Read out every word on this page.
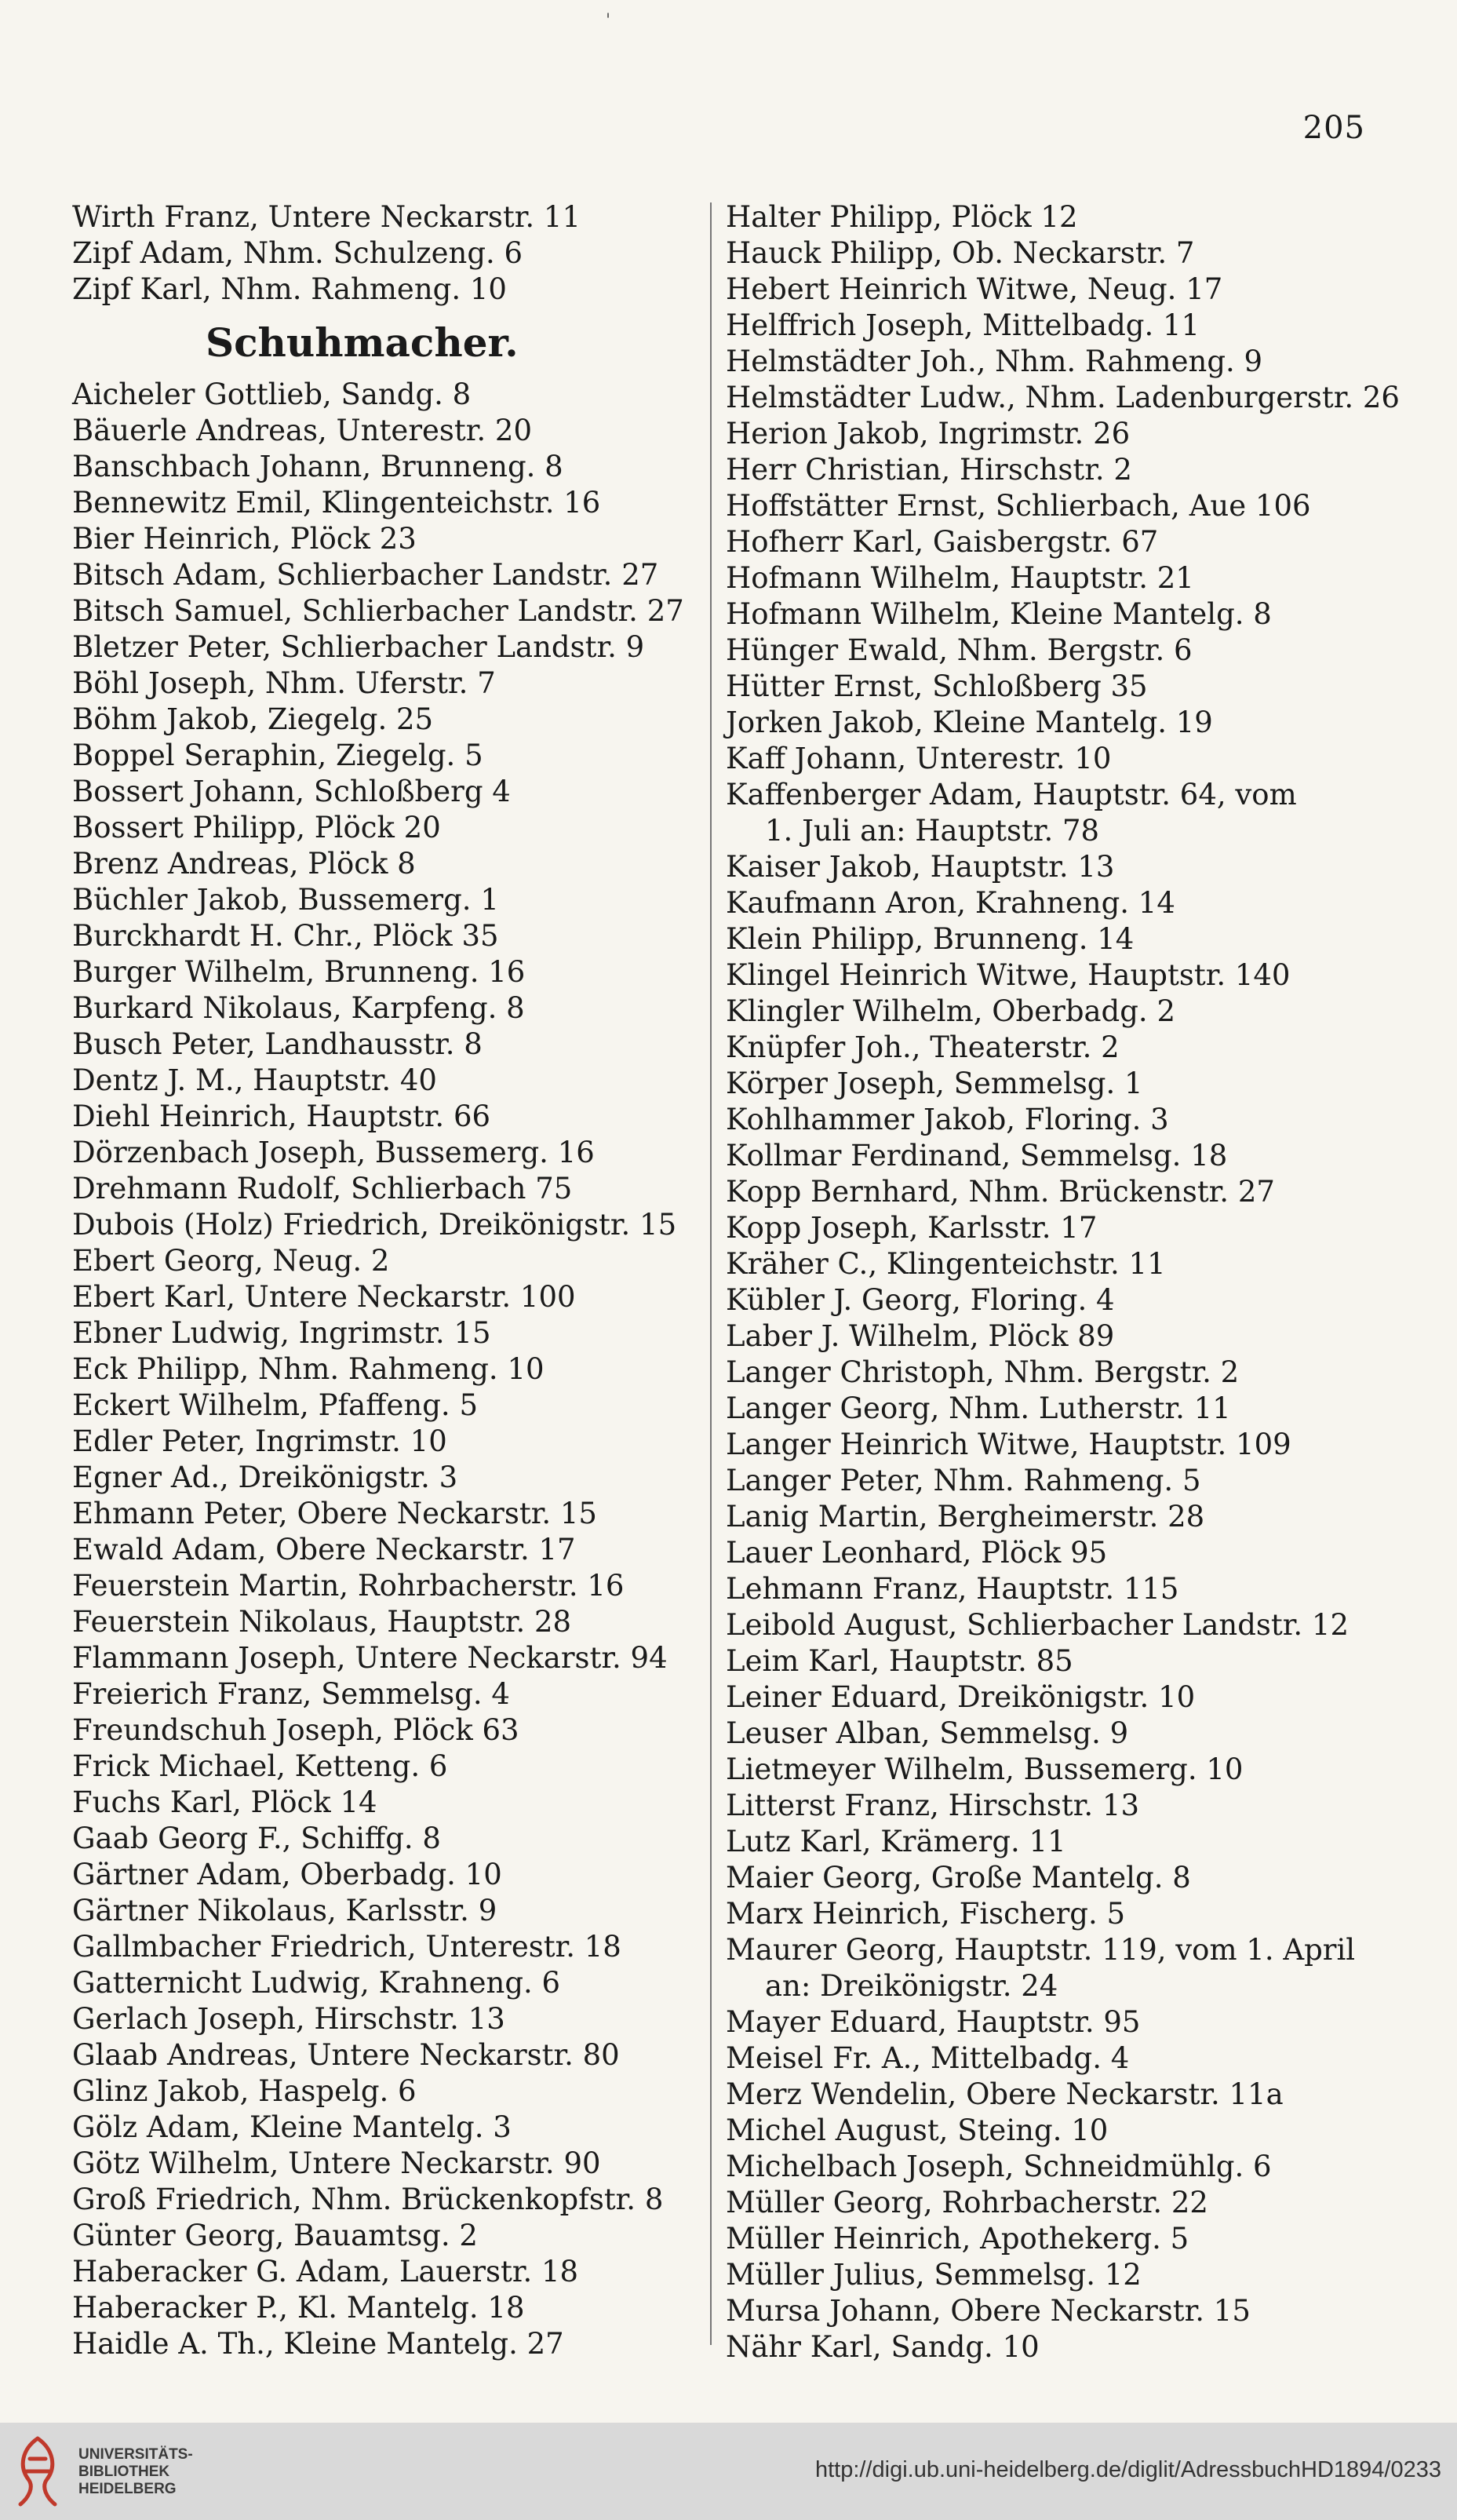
'
205
Wirth Franz, Untere Neckarstr. 11
Zipf Adam, Nhm. Schulzeng. 6
Zipf Karl, Nhm. Rahmeng. 10
Schuhmacher.
Aicheler Gottlieb, Sandg. 8
Bäuerle Andreas, Unterestr. 20
Banschbach Johann, Brunneng. 8
Bennewitz Emil, Klingenteichstr. 16
Bier Heinrich, Plöck 23
Bitsch Adam, Schlierbacher Landstr. 27
Bitsch Samuel, Schlierbacher Landstr. 27
Bletzer Peter, Schlierbacher Landstr. 9
Böhl Joseph, Nhm. Uferstr. 7
Böhm Jakob, Ziegelg. 25
Boppel Seraphin, Ziegelg. 5
Bossert Johann, Schloßberg 4
Bossert Philipp, Plöck 20
Brenz Andreas, Plöck 8
Büchler Jakob, Bussemerg. 1
Burckhardt H. Chr., Plöck 35
Burger Wilhelm, Brunneng. 16
Burkard Nikolaus, Karpfeng. 8
Busch Peter, Landhausstr. 8
Dentz J. M., Hauptstr. 40
Diehl Heinrich, Hauptstr. 66
Dörzenbach Joseph, Bussemerg. 16
Drehmann Rudolf, Schlierbach 75
Dubois (Holz) Friedrich, Dreikönigstr. 15
Ebert Georg, Neug. 2
Ebert Karl, Untere Neckarstr. 100
Ebner Ludwig, Ingrimstr. 15
Eck Philipp, Nhm. Rahmeng. 10
Eckert Wilhelm, Pfaffeng. 5
Edler Peter, Ingrimstr. 10
Egner Ad., Dreikönigstr. 3
Ehmann Peter, Obere Neckarstr. 15
Ewald Adam, Obere Neckarstr. 17
Feuerstein Martin, Rohrbacherstr. 16
Feuerstein Nikolaus, Hauptstr. 28
Flammann Joseph, Untere Neckarstr. 94
Freierich Franz, Semmelsg. 4
Freundschuh Joseph, Plöck 63
Frick Michael, Ketteng. 6
Fuchs Karl, Plöck 14
Gaab Georg F., Schiffg. 8
Gärtner Adam, Oberbadg. 10
Gärtner Nikolaus, Karlsstr. 9
Gallmbacher Friedrich, Unterestr. 18
Gatternicht Ludwig, Krahneng. 6
Gerlach Joseph, Hirschstr. 13
Glaab Andreas, Untere Neckarstr. 80
Glinz Jakob, Haspelg. 6
Gölz Adam, Kleine Mantelg. 3
Götz Wilhelm, Untere Neckarstr. 90
Groß Friedrich, Nhm. Brückenkopfstr. 8
Günter Georg, Bauamtsg. 2
Haberacker G. Adam, Lauerstr. 18
Haberacker P., Kl. Mantelg. 18
Haidle A. Th., Kleine Mantelg. 27
Halter Philipp, Plöck 12
Hauck Philipp, Ob. Neckarstr. 7
Hebert Heinrich Witwe, Neug. 17
Helffrich Joseph, Mittelbadg. 11
Helmstädter Joh., Nhm. Rahmeng. 9
Helmstädter Ludw., Nhm. Ladenburgerstr. 26
Herion Jakob, Ingrimstr. 26
Herr Christian, Hirschstr. 2
Hoffstätter Ernst, Schlierbach, Aue 106
Hofherr Karl, Gaisbergstr. 67
Hofmann Wilhelm, Hauptstr. 21
Hofmann Wilhelm, Kleine Mantelg. 8
Hünger Ewald, Nhm. Bergstr. 6
Hütter Ernst, Schloßberg 35
Jorken Jakob, Kleine Mantelg. 19
Kaff Johann, Unterestr. 10
Kaffenberger Adam, Hauptstr. 64, vom
1. Juli an: Hauptstr. 78
Kaiser Jakob, Hauptstr. 13
Kaufmann Aron, Krahneng. 14
Klein Philipp, Brunneng. 14
Klingel Heinrich Witwe, Hauptstr. 140
Klingler Wilhelm, Oberbadg. 2
Knüpfer Joh., Theaterstr. 2
Körper Joseph, Semmelsg. 1
Kohlhammer Jakob, Floring. 3
Kollmar Ferdinand, Semmelsg. 18
Kopp Bernhard, Nhm. Brückenstr. 27
Kopp Joseph, Karlsstr. 17
Kräher C., Klingenteichstr. 11
Kübler J. Georg, Floring. 4
Laber J. Wilhelm, Plöck 89
Langer Christoph, Nhm. Bergstr. 2
Langer Georg, Nhm. Lutherstr. 11
Langer Heinrich Witwe, Hauptstr. 109
Langer Peter, Nhm. Rahmeng. 5
Lanig Martin, Bergheimerstr. 28
Lauer Leonhard, Plöck 95
Lehmann Franz, Hauptstr. 115
Leibold August, Schlierbacher Landstr. 12
Leim Karl, Hauptstr. 85
Leiner Eduard, Dreikönigstr. 10
Leuser Alban, Semmelsg. 9
Lietmeyer Wilhelm, Bussemerg. 10
Litterst Franz, Hirschstr. 13
Lutz Karl, Krämerg. 11
Maier Georg, Große Mantelg. 8
Marx Heinrich, Fischerg. 5
Maurer Georg, Hauptstr. 119, vom 1. April
an: Dreikönigstr. 24
Mayer Eduard, Hauptstr. 95
Meisel Fr. A., Mittelbadg. 4
Merz Wendelin, Obere Neckarstr. 11a
Michel August, Steing. 10
Michelbach Joseph, Schneidmühlg. 6
Müller Georg, Rohrbacherstr. 22
Müller Heinrich, Apothekerg. 5
Müller Julius, Semmelsg. 12
Mursa Johann, Obere Neckarstr. 15
Nähr Karl, Sandg. 10
UNIVERSITÄTS-
BIBLIOTHEK
HEIDELBERG
http://digi.ub.uni-heidelberg.de/diglit/AdressbuchHD1894/0233
